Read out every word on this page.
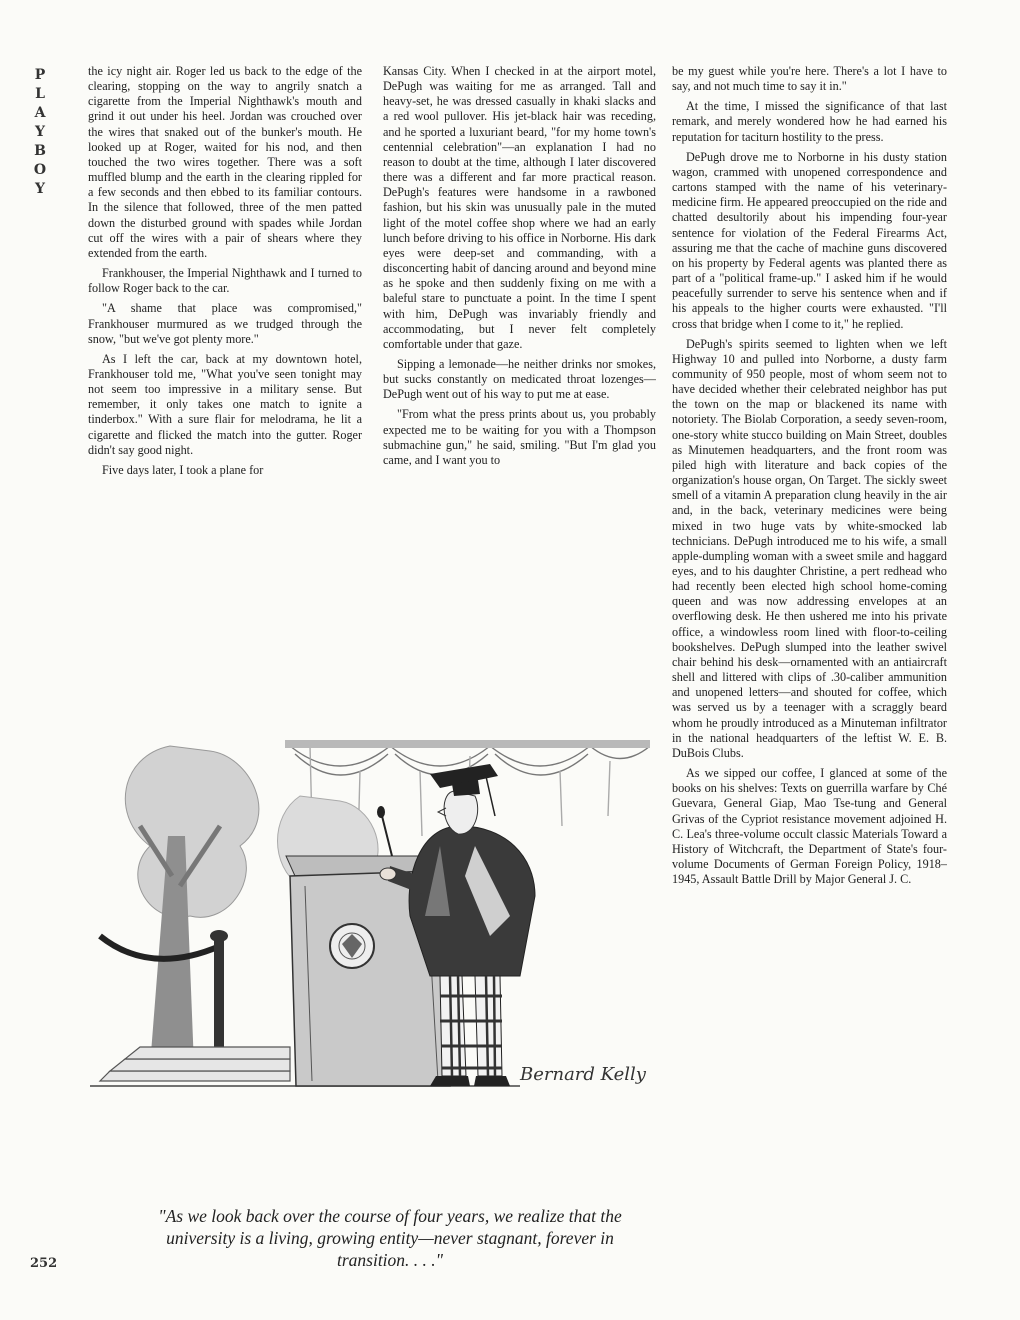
P
L
A
Y
B
O
Y

the icy night air. Roger led us back to the edge of the clearing, stopping on the way to angrily snatch a cigarette from the Imperial Nighthawk's mouth and grind it out under his heel. Jordan was crouched over the wires that snaked out of the bunker's mouth. He looked up at Roger, waited for his nod, and then touched the two wires together. There was a soft muffled blump and the earth in the clearing rippled for a few seconds and then ebbed to its familiar contours. In the silence that followed, three of the men patted down the disturbed ground with spades while Jordan cut off the wires with a pair of shears where they extended from the earth.

Frankhouser, the Imperial Nighthawk and I turned to follow Roger back to the car.

"A shame that place was compromised," Frankhouser murmured as we trudged through the snow, "but we've got plenty more."

As I left the car, back at my downtown hotel, Frankhouser told me, "What you've seen tonight may not seem too impressive in a military sense. But remember, it only takes one match to ignite a tinderbox." With a sure flair for melodrama, he lit a cigarette and flicked the match into the gutter. Roger didn't say good night.

Five days later, I took a plane for

Kansas City. When I checked in at the airport motel, DePugh was waiting for me as arranged. Tall and heavy-set, he was dressed casually in khaki slacks and a red wool pullover. His jet-black hair was receding, and he sported a luxuriant beard, "for my home town's centennial celebration"—an explanation I had no reason to doubt at the time, although I later discovered there was a different and far more practical reason. DePugh's features were handsome in a rawboned fashion, but his skin was unusually pale in the muted light of the motel coffee shop where we had an early lunch before driving to his office in Norborne. His dark eyes were deep-set and commanding, with a disconcerting habit of dancing around and beyond mine as he spoke and then suddenly fixing on me with a baleful stare to punctuate a point. In the time I spent with him, DePugh was invariably friendly and accommodating, but I never felt completely comfortable under that gaze.

Sipping a lemonade—he neither drinks nor smokes, but sucks constantly on medicated throat lozenges—DePugh went out of his way to put me at ease.

"From what the press prints about us, you probably expected me to be waiting for you with a Thompson submachine gun," he said, smiling. "But I'm glad you came, and I want you to

be my guest while you're here. There's a lot I have to say, and not much time to say it in."

At the time, I missed the significance of that last remark, and merely wondered how he had earned his reputation for taciturn hostility to the press.

DePugh drove me to Norborne in his dusty station wagon, crammed with unopened correspondence and cartons stamped with the name of his veterinary-medicine firm. He appeared preoccupied on the ride and chatted desultorily about his impending four-year sentence for violation of the Federal Firearms Act, assuring me that the cache of machine guns discovered on his property by Federal agents was planted there as part of a "political frame-up." I asked him if he would peacefully surrender to serve his sentence when and if his appeals to the higher courts were exhausted. "I'll cross that bridge when I come to it," he replied.

DePugh's spirits seemed to lighten when we left Highway 10 and pulled into Norborne, a dusty farm community of 950 people, most of whom seem not to have decided whether their celebrated neighbor has put the town on the map or blackened its name with notoriety. The Biolab Corporation, a seedy seven-room, one-story white stucco building on Main Street, doubles as Minutemen headquarters, and the front room was piled high with literature and back copies of the organization's house organ, On Target. The sickly sweet smell of a vitamin A preparation clung heavily in the air and, in the back, veterinary medicines were being mixed in two huge vats by white-smocked lab technicians. DePugh introduced me to his wife, a small apple-dumpling woman with a sweet smile and haggard eyes, and to his daughter Christine, a pert redhead who had recently been elected high school home-coming queen and was now addressing envelopes at an overflowing desk. He then ushered me into his private office, a windowless room lined with floor-to-ceiling bookshelves. DePugh slumped into the leather swivel chair behind his desk—ornamented with an antiaircraft shell and littered with clips of .30-caliber ammunition and unopened letters—and shouted for coffee, which was served us by a teenager with a scraggly beard whom he proudly introduced as a Minuteman infiltrator in the national headquarters of the leftist W. E. B. DuBois Clubs.

As we sipped our coffee, I glanced at some of the books on his shelves: Texts on guerrilla warfare by Ché Guevara, General Giap, Mao Tse-tung and General Grivas of the Cypriot resistance movement adjoined H. C. Lea's three-volume occult classic Materials Toward a History of Witchcraft, the Department of State's four-volume Documents of German Foreign Policy, 1918–1945, Assault Battle Drill by Major General J. C.

Bernard Kelly
"As we look back over the course of four years, we realize that the university is a living, growing entity—never stagnant, forever in transition. . . ."
252
